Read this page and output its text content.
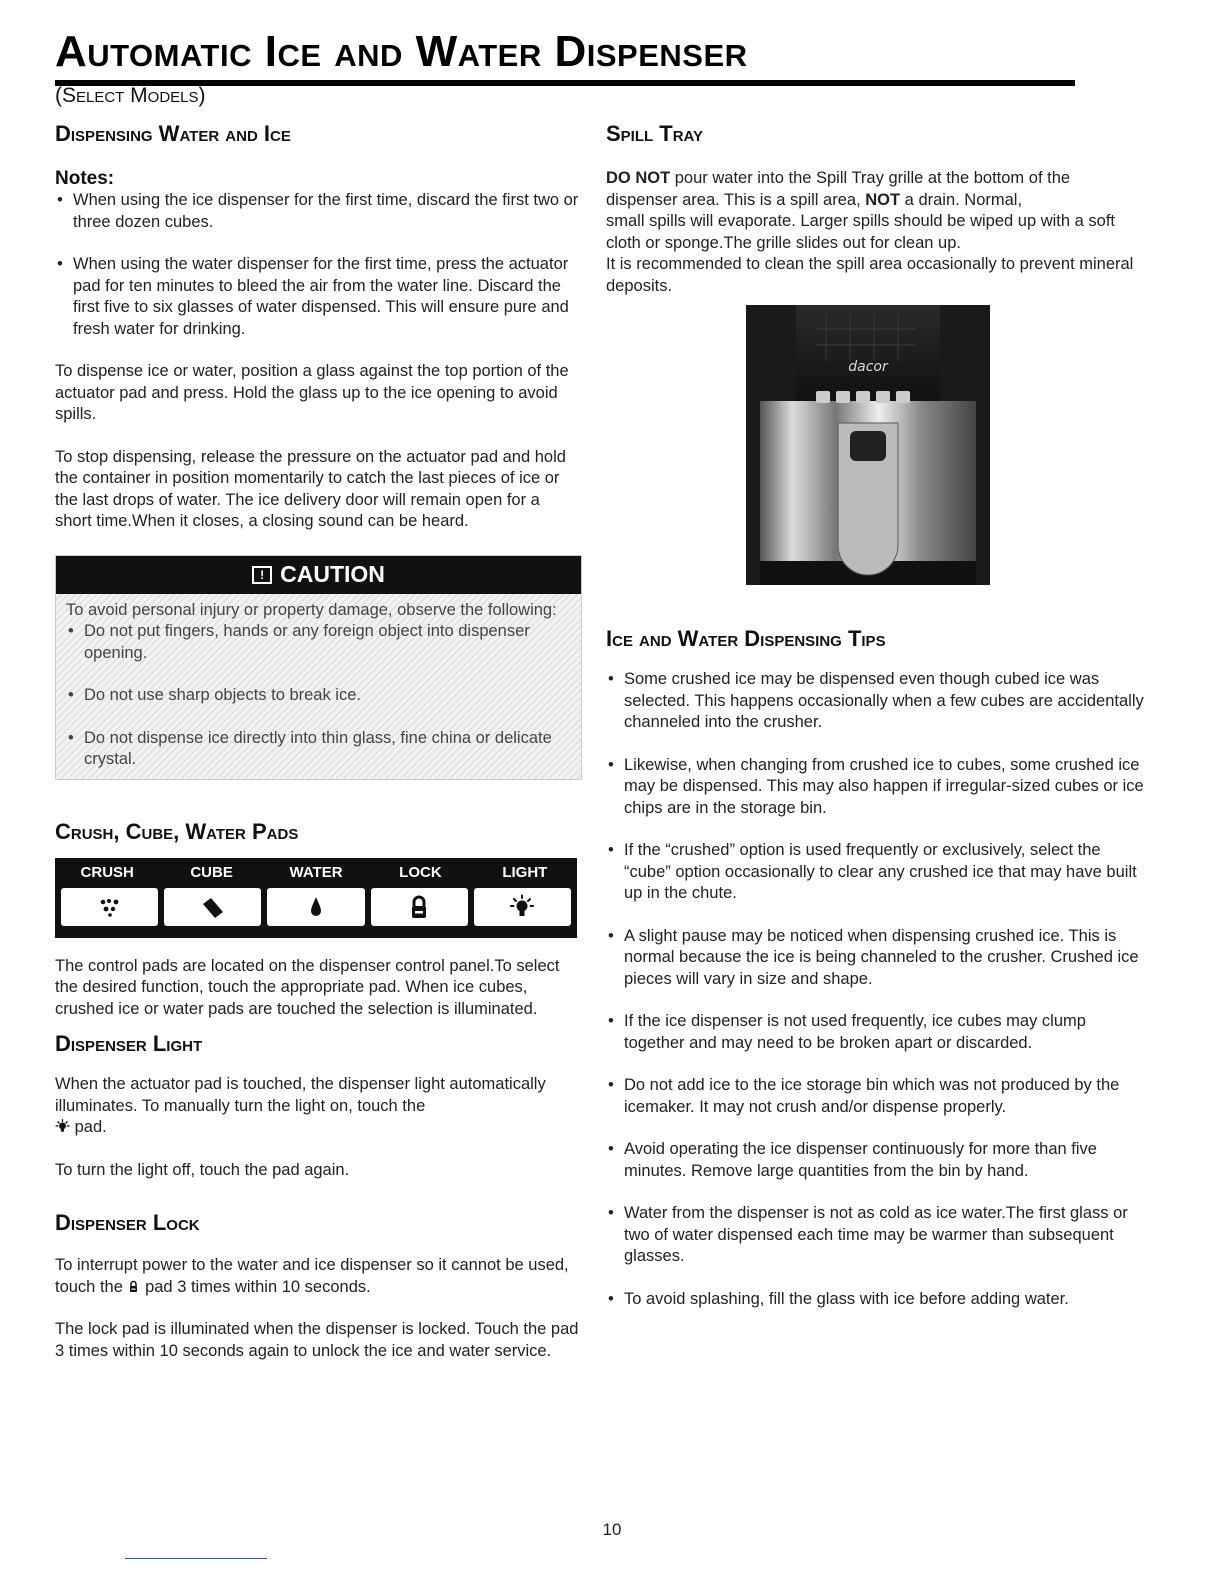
Automatic Ice and Water Dispenser
(Select Models)
Dispensing Water and Ice
Notes:
• When using the ice dispenser for the first time, discard the first two or three dozen cubes.
• When using the water dispenser for the first time, press the actuator pad for ten minutes to bleed the air from the water line. Discard the first five to six glasses of water dispensed. This will ensure pure and fresh water for drinking.

To dispense ice or water, position a glass against the top portion of the actuator pad and press. Hold the glass up to the ice opening to avoid spills.

To stop dispensing, release the pressure on the actuator pad and hold the container in position momentarily to catch the last pieces of ice or the last drops of water. The ice delivery door will remain open for a short time.When it closes, a closing sound can be heard.

! CAUTION

To avoid personal injury or property damage, observe the following:

• Do not put fingers, hands or any foreign object into dispenser opening.
• Do not use sharp objects to break ice.
• Do not dispense ice directly into thin glass, fine china or delicate crystal.
Crush, Cube, Water Pads
CRUSH	CUBE	WATER	LOCK	LIGHT

The control pads are located on the dispenser control panel.To select the desired function, touch the appropriate pad. When ice cubes, crushed ice or water pads are touched the selection is illuminated.

Dispenser Light

When the actuator pad is touched, the dispenser light automatically illuminates. To manually turn the light on, touch the
pad.

To turn the light off, touch the pad again.

Dispenser Lock

To interrupt power to the water and ice dispenser so it cannot be used, touch the pad 3 times within 10 seconds.

The lock pad is illuminated when the dispenser is locked. Touch the pad 3 times within 10 seconds again to unlock the ice and water service.

Spill Tray

DO NOT pour water into the Spill Tray grille at the bottom of the dispenser area. This is a spill area, NOT a drain. Normal,
small spills will evaporate. Larger spills should be wiped up with a soft cloth or sponge.The grille slides out for clean up.
It is recommended to clean the spill area occasionally to prevent mineral deposits.

dacor
Ice and Water Dispensing Tips
• Some crushed ice may be dispensed even though cubed ice was selected. This happens occasionally when a few cubes are accidentally channeled into the crusher.
• Likewise, when changing from crushed ice to cubes, some crushed ice may be dispensed. This may also happen if irregular-sized cubes or ice chips are in the storage bin.
• If the “crushed” option is used frequently or exclusively, select the “cube” option occasionally to clear any crushed ice that may have built up in the chute.
• A slight pause may be noticed when dispensing crushed ice. This is normal because the ice is being channeled to the crusher. Crushed ice pieces will vary in size and shape.
• If the ice dispenser is not used frequently, ice cubes may clump together and may need to be broken apart or discarded.
• Do not add ice to the ice storage bin which was not produced by the icemaker. It may not crush and/or dispense properly.
• Avoid operating the ice dispenser continuously for more than five minutes. Remove large quantities from the bin by hand.
• Water from the dispenser is not as cold as ice water.The first glass or two of water dispensed each time may be warmer than subsequent glasses.
• To avoid splashing, fill the glass with ice before adding water.
10
